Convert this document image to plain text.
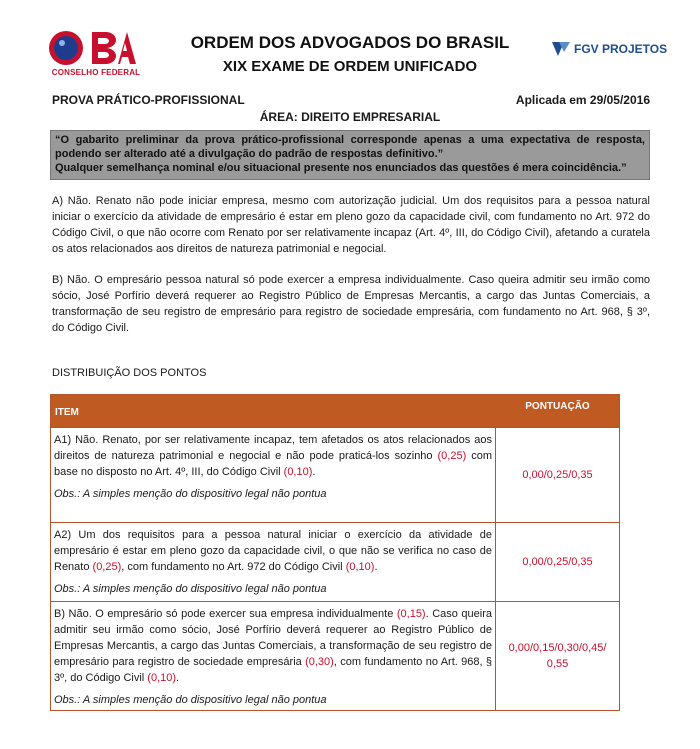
CONSELHO FEDERAL
ORDEM DOS ADVOGADOS DO BRASIL
XIX EXAME DE ORDEM UNIFICADO
FGV PROJETOS
PROVA PRÁTICO-PROFISSIONAL	Aplicada em 29/05/2016
ÁREA: DIREITO EMPRESARIAL

“O gabarito preliminar da prova prático-profissional corresponde apenas a uma expectativa de resposta, podendo ser alterado até a divulgação do padrão de respostas definitivo.”

Qualquer semelhança nominal e/ou situacional presente nos enunciados das questões é mera coincidência.”

A) Não. Renato não pode iniciar empresa, mesmo com autorização judicial. Um dos requisitos para a pessoa natural iniciar o exercício da atividade de empresário é estar em pleno gozo da capacidade civil, com fundamento no Art. 972 do Código Civil, o que não ocorre com Renato por ser relativamente incapaz (Art. 4º, III, do Código Civil), afetando a curatela os atos relacionados aos direitos de natureza patrimonial e negocial.
B) Não. O empresário pessoa natural só pode exercer a empresa individualmente. Caso queira admitir seu irmão como sócio, José Porfírio deverá requerer ao Registro Público de Empresas Mercantis, a cargo das Juntas Comerciais, a transformação de seu registro de empresário para registro de sociedade empresária, com fundamento no Art. 968, § 3º, do Código Civil.
DISTRIBUIÇÃO DOS PONTOS
ITEM
PONTUAÇÃO
A1) Não. Renato, por ser relativamente incapaz, tem afetados os atos relacionados aos direitos de natureza patrimonial e negocial e não pode praticá-los sozinho (0,25) com base no disposto no Art. 4º, III, do Código Civil (0,10).
Obs.: A simples menção do dispositivo legal não pontua
0,00/0,25/0,35
A2) Um dos requisitos para a pessoa natural iniciar o exercício da atividade de empresário é estar em pleno gozo da capacidade civil, o que não se verifica no caso de Renato (0,25), com fundamento no Art. 972 do Código Civil (0,10).
Obs.: A simples menção do dispositivo legal não pontua
0,00/0,25/0,35
B) Não. O empresário só pode exercer sua empresa individualmente (0,15). Caso queira admitir seu irmão como sócio, José Porfírio deverá requerer ao Registro Público de Empresas Mercantis, a cargo das Juntas Comerciais, a transformação de seu registro de empresário para registro de sociedade empresária (0,30), com fundamento no Art. 968, § 3º, do Código Civil (0,10).
Obs.: A simples menção do dispositivo legal não pontua
0,00/0,15/0,30/0,45/ 0,55
